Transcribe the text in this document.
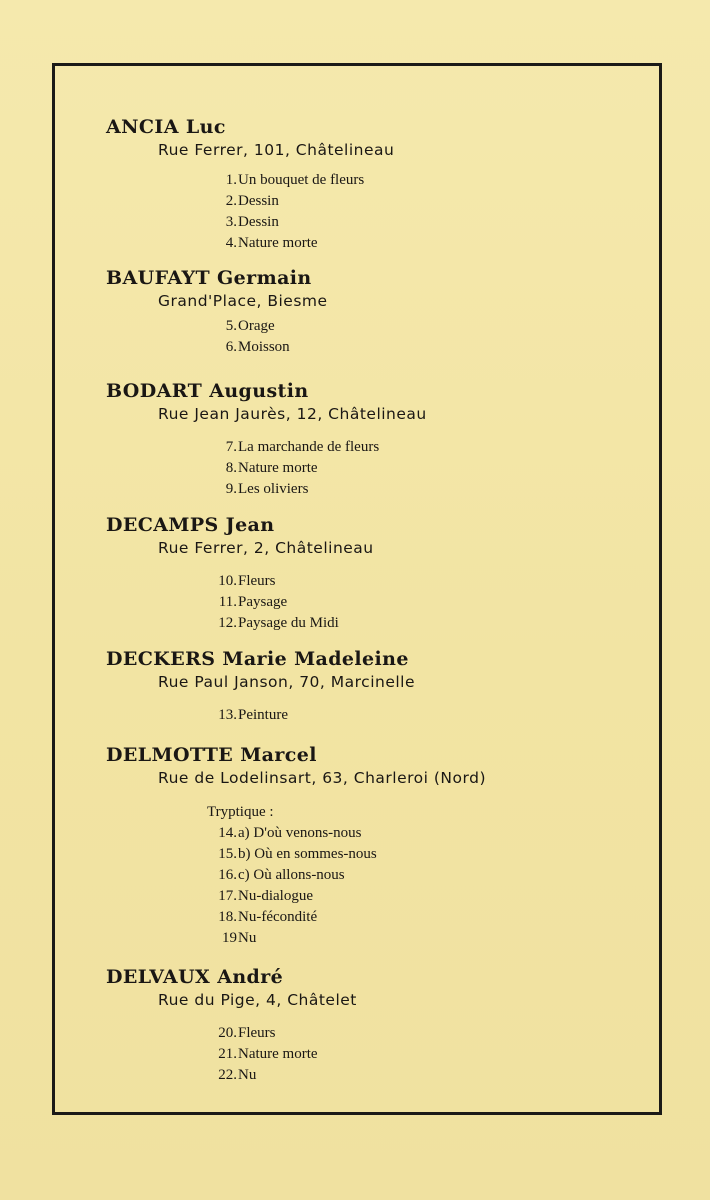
ANCIA Luc
Rue Ferrer, 101, Châtelineau
1. Un bouquet de fleurs
2. Dessin
3. Dessin
4. Nature morte
BAUFAYT Germain
Grand'Place, Biesme
5. Orage
6. Moisson
BODART Augustin
Rue Jean Jaurès, 12, Châtelineau
7. La marchande de fleurs
8. Nature morte
9. Les oliviers
DECAMPS Jean
Rue Ferrer, 2, Châtelineau
10. Fleurs
11. Paysage
12. Paysage du Midi
DECKERS Marie Madeleine
Rue Paul Janson, 70, Marcinelle
13. Peinture
DELMOTTE Marcel
Rue de Lodelinsart, 63, Charleroi (Nord)
Tryptique :
14. a) D'où venons-nous
15. b) Où en sommes-nous
16. c) Où allons-nous
17. Nu-dialogue
18. Nu-fécondité
19 Nu
DELVAUX André
Rue du Pige, 4, Châtelet
20. Fleurs
21. Nature morte
22. Nu
